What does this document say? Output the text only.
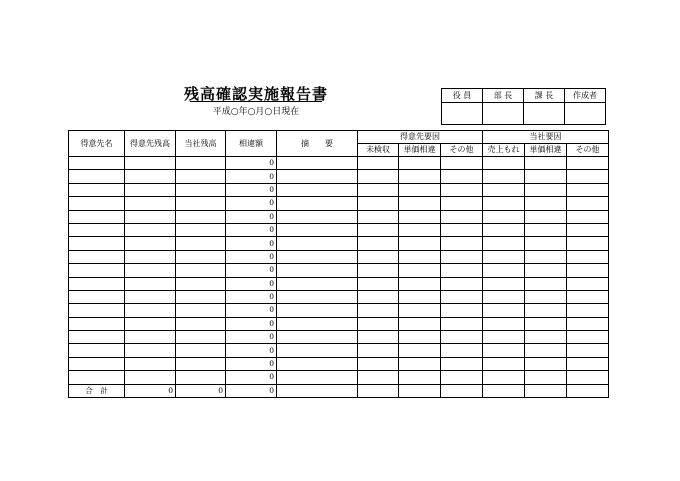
残高確認実施報告書
平成○年○月○日現在
役 員	部 長	課 長	作成者

得意先名	得意先残高	当社残高	相違額	摘　　要	得意先要因			当社要因		
					未検収	単価相違	その他	売上もれ	単価相違	その他
			0							
			0							
			0							
			0							
			0							
			0							
			0							
			0							
			0							
			0							
			0							
			0							
			0							
			0							
			0							
			0							
			0							
合　計	0	0	0							
